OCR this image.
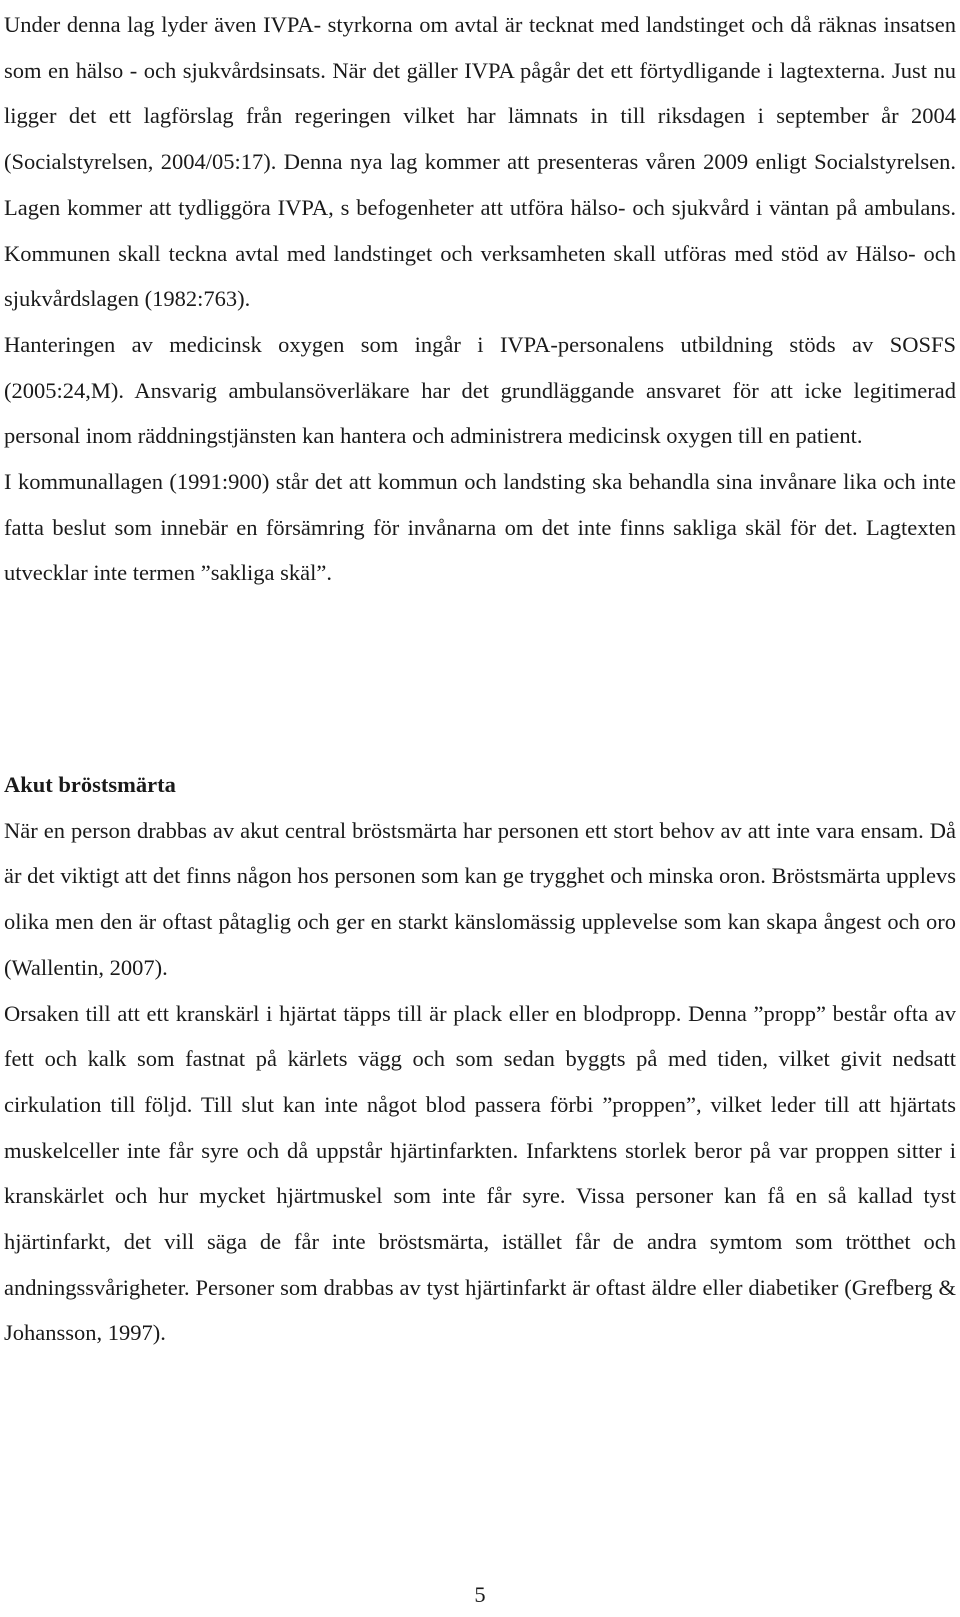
Under denna lag lyder även IVPA- styrkorna om avtal är tecknat med landstinget och då räknas insatsen som en hälso - och sjukvårdsinsats. När det gäller IVPA pågår det ett förtydligande i lagtexterna. Just nu ligger det ett lagförslag från regeringen vilket har lämnats in till riksdagen i september år 2004 (Socialstyrelsen, 2004/05:17). Denna nya lag kommer att presenteras våren 2009 enligt Socialstyrelsen. Lagen kommer att tydliggöra IVPA, s befogenheter att utföra hälso- och sjukvård i väntan på ambulans. Kommunen skall teckna avtal med landstinget och verksamheten skall utföras med stöd av Hälso- och sjukvårdslagen (1982:763).

Hanteringen av medicinsk oxygen som ingår i IVPA-personalens utbildning stöds av SOSFS (2005:24,M). Ansvarig ambulansöverläkare har det grundläggande ansvaret för att icke legitimerad personal inom räddningstjänsten kan hantera och administrera medicinsk oxygen till en patient.

I kommunallagen (1991:900) står det att kommun och landsting ska behandla sina invånare lika och inte fatta beslut som innebär en försämring för invånarna om det inte finns sakliga skäl för det. Lagtexten utvecklar inte termen ”sakliga skäl”.

Akut bröstsmärta

När en person drabbas av akut central bröstsmärta har personen ett stort behov av att inte vara ensam. Då är det viktigt att det finns någon hos personen som kan ge trygghet och minska oron. Bröstsmärta upplevs olika men den är oftast påtaglig och ger en starkt känslomässig upplevelse som kan skapa ångest och oro (Wallentin, 2007).

Orsaken till att ett kranskärl i hjärtat täpps till är plack eller en blodpropp. Denna ”propp” består ofta av fett och kalk som fastnat på kärlets vägg och som sedan byggts på med tiden, vilket givit nedsatt cirkulation till följd. Till slut kan inte något blod passera förbi ”proppen”, vilket leder till att hjärtats muskelceller inte får syre och då uppstår hjärtinfarkten. Infarktens storlek beror på var proppen sitter i kranskärlet och hur mycket hjärtmuskel som inte får syre. Vissa personer kan få en så kallad tyst hjärtinfarkt, det vill säga de får inte bröstsmärta, istället får de andra symtom som trötthet och andningssvårigheter. Personer som drabbas av tyst hjärtinfarkt är oftast äldre eller diabetiker (Grefberg & Johansson, 1997).

5
